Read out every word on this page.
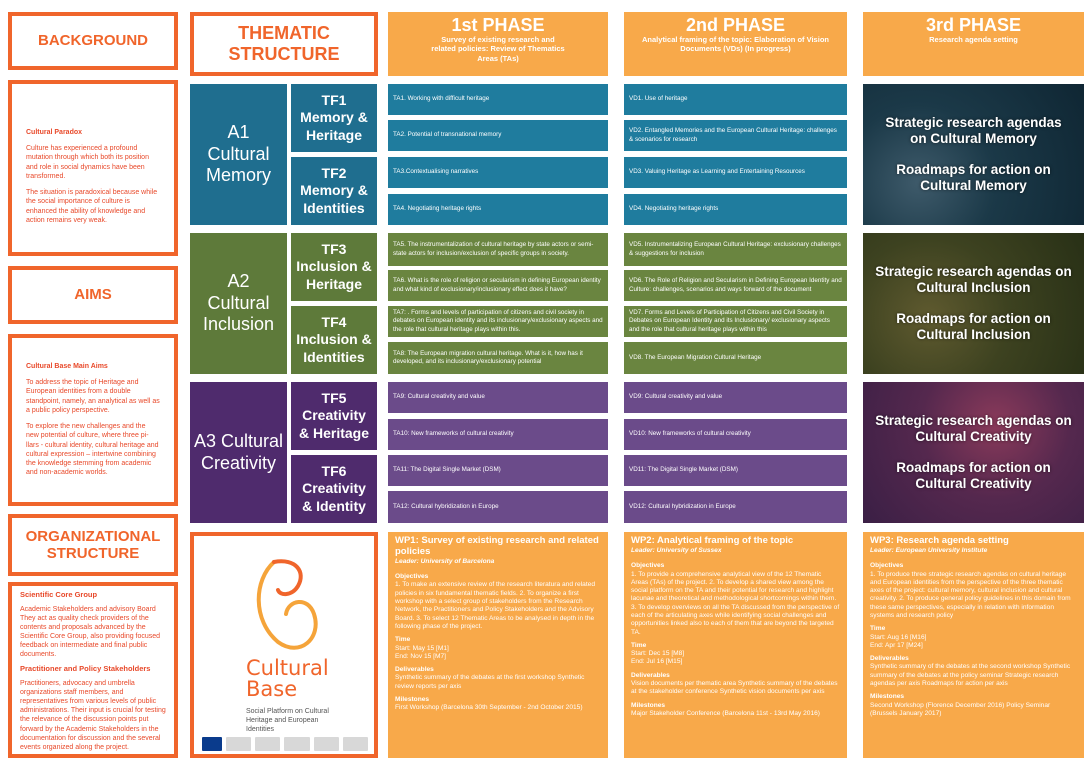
BACKGROUND

Cultural Paradox

Culture has experienced a profound mutation through which both its position and role in social dynamics have been transformed.

The situation is paradoxical because while the social importance of culture is enhanced the ability of knowledge and action remains very weak.

AIMS

Cultural Base Main Aims

To address the topic of Heritage and European identities from a double standpoint, namely, an analytical as well as a public policy perspective.

To explore the new challenges and the new potential of culture, where three pi-llars - cultural identity, cultural heritage and cultural expression – intertwine combining the knowledge stemming from academic and non-academic worlds.

ORGANIZATIONAL STRUCTURE

Scientific Core Group

Academic Stakeholders and advisory Board They act as quality check providers of the contents and proposals advanced by the Scientific Core Group, also providing focused feedback on intermediate and final public documents.

Practitioner and Policy Stakeholders

Practitioners, advocacy and umbrella organizations staff members, and representatives from various levels of public administrations. Their input is crucial for testing the relevance of the discussion points put forward by the Academic Stakeholders in the documentation for discussion and the several events organized along the project.

THEMATIC STRUCTURE
1st PHASE
Survey of existing research and related policies: Review of Thematics Areas (TAs)
2nd PHASE
Analytical framing of the topic: Elaboration of Vision Documents (VDs) (In progress)
3rd PHASE
Research agenda setting
A1 Cultural Memory
A2 Cultural Inclusion
A3 Cultural Creativity
TF1 Memory & Heritage
TF2 Memory & Identities
TF3 Inclusion & Heritage
TF4 Inclusion & Identities
TF5 Creativity & Heritage
TF6 Creativity & Identity
TA1. Working with difficult heritage
TA2. Potential of transnational memory
TA3.Contextualising narratives
TA4. Negotiating heritage rights
TA5. The instrumentalization of cultural heritage by state actors or semi-state actors for inclusion/exclusion of specific groups in society.
TA6. What is the role of religion or secularism in defining European identity and what kind of exclusionary/inclusionary effect does it have?
TA7: . Forms and levels of participation of citizens and civil society in debates on European identity and its inclusionary/exclusionary aspects and the role that cultural heritage plays within this.
TA8: The European migration cultural heritage. What is it, how has it developed, and its inclusionary/exclusionary potential
TA9: Cultural creativity and value
TA10: New frameworks of cultural creativity
TA11: The Digital Single Market (DSM)
TA12: Cultural hybridization in Europe
VD1. Use of heritage
VD2. Entangled Memories and the European Cultural Heritage: challenges & scenarios for research
VD3. Valuing Heritage as Learning and Entertaining Resources
VD4. Negotiating heritage rights
VD5. Instrumentalizing European Cultural Heritage: exclusionary challenges & suggestions for inclusion
VD6. The Role of Religion and Secularism in Defining European Identity and Culture: challenges, scenarios and ways forward of the document
VD7. Forms and Levels of Participation of Citizens and Civil Society in Debates on European Identity and its Inclusionary/ exclusionary aspects and the role that cultural heritage plays within this
VD8. The European Migration Cultural Heritage
VD9: Cultural creativity and value
VD10: New frameworks of cultural creativity
VD11: The Digital Single Market (DSM)
VD12: Cultural hybridization in Europe
Strategic research agendas on Cultural Memory
Roadmaps for action on Cultural Memory
Strategic research agendas on Cultural Inclusion
Roadmaps for action on Cultural Inclusion
Strategic research agendas on Cultural Creativity
Roadmaps for action on Cultural Creativity
Cultural
Base
Social Platform on Cultural Heritage and European Identities
WP1: Survey of existing research and related policies
Leader: University of Barcelona
Objectives
1. To make an extensive review of the research literatura and related policies in six fundamental thematic fields. 2. To organize a first workshop with a select group of stakeholders from the Research Network, the Practitioners and Policy Stakeholders and the Advisory Board. 3. To select 12 Thematic Areas to be analysed in depth in the following phase of the project.
Time
Start: May 15 [M1]
End: Nov 15 [M7]
Deliverables
Synthetic summary of the debates at the first workshop Synthetic review reports per axis
Milestones
First Workshop (Barcelona 30th September - 2nd October 2015)
WP2: Analytical framing of the topic
Leader: University of Sussex
Objectives
1. To provide a comprehensive analytical view of the 12 Thematic Areas (TAs) of the project. 2. To develop a shared view among the social platform on the TA and their potential for research and highlight lacunae and theoretical and methodological shortcomings within them. 3. To develop overviews on all the TA discussed from the perspective of each of the articulating axes while identifying social challenges and opportunities linked also to each of them that are beyond the targeted TA.
Time
Start: Dec 15 [M8]
End: Jul 16 [M15]
Deliverables
Vision documents per thematic area Synthetic summary of the debates at the stakeholder conference Synthetic vision documents per axis
Milestones
Major Stakeholder Conference (Barcelona 11st - 13rd May 2016)
WP3: Research agenda setting
Leader: European University Institute
Objectives
1. To produce three strategic research agendas on cultural heritage and European identities from the perspective of the three thematic axes of the project: cultural memory, cultural inclusion and cultural creativity. 2. To produce general policy guidelines in this domain from these same perspectives, especially in relation with information systems and research policy
Time
Start: Aug 16 [M16]
End: Apr 17 [M24]
Deliverables
Synthetic summary of the debates at the second workshop Synthetic summary of the debates at the policy seminar Strategic research agendas per axis Roadmaps for action per axis
Milestones
Second Workshop (Florence December 2016) Policy Seminar (Brussels January 2017)
